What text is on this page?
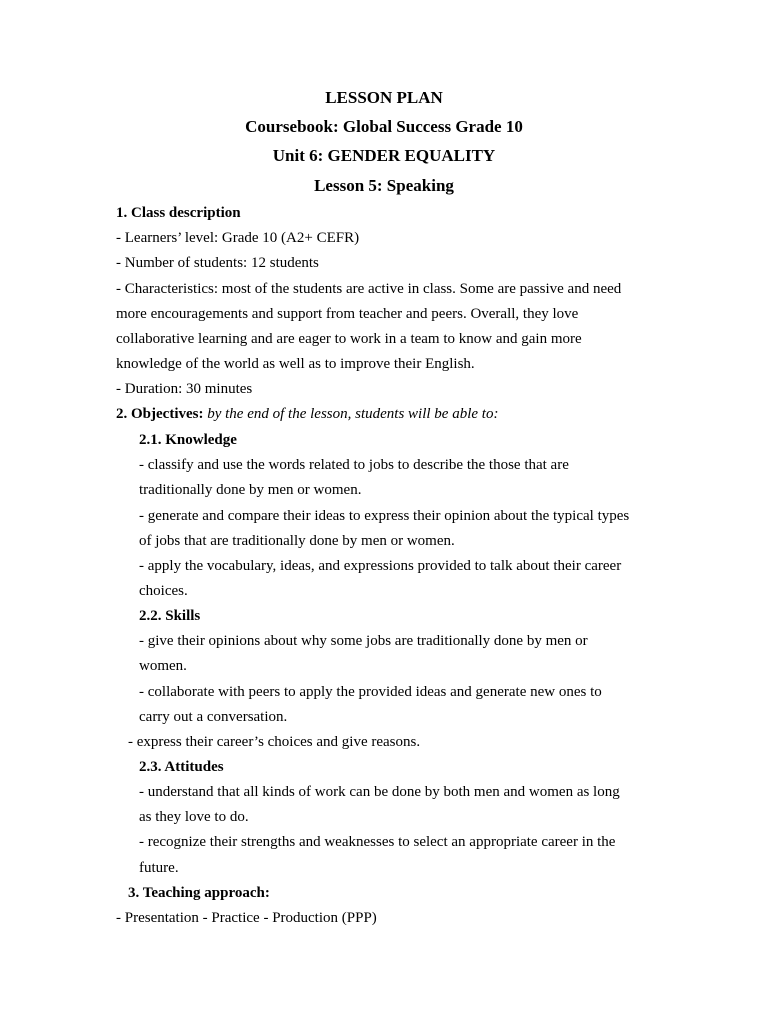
LESSON PLAN
Coursebook: Global Success Grade 10
Unit 6: GENDER EQUALITY
Lesson 5: Speaking
1. Class description
- Learners’ level: Grade 10 (A2+ CEFR)
- Number of students: 12 students
- Characteristics: most of the students are active in class. Some are passive and need
more encouragements and support from teacher and peers. Overall, they love
collaborative learning and are eager to work in a team to know and gain more
knowledge of the world as well as to improve their English.
- Duration: 30 minutes
2. Objectives: by the end of the lesson, students will be able to:
2.1. Knowledge
- classify and use the words related to jobs to describe the those that are
traditionally done by men or women.
- generate and compare their ideas to express their opinion about the typical types
of jobs that are traditionally done by men or women.
- apply the vocabulary, ideas, and expressions provided to talk about their career
choices.
2.2. Skills
- give their opinions about why some jobs are traditionally done by men or
women.
- collaborate with peers to apply the provided ideas and generate new ones to
carry out a conversation.
- express their career’s choices and give reasons.
2.3. Attitudes
- understand that all kinds of work can be done by both men and women as long
as they love to do.
- recognize their strengths and weaknesses to select an appropriate career in the
future.
3. Teaching approach:
- Presentation - Practice - Production (PPP)
